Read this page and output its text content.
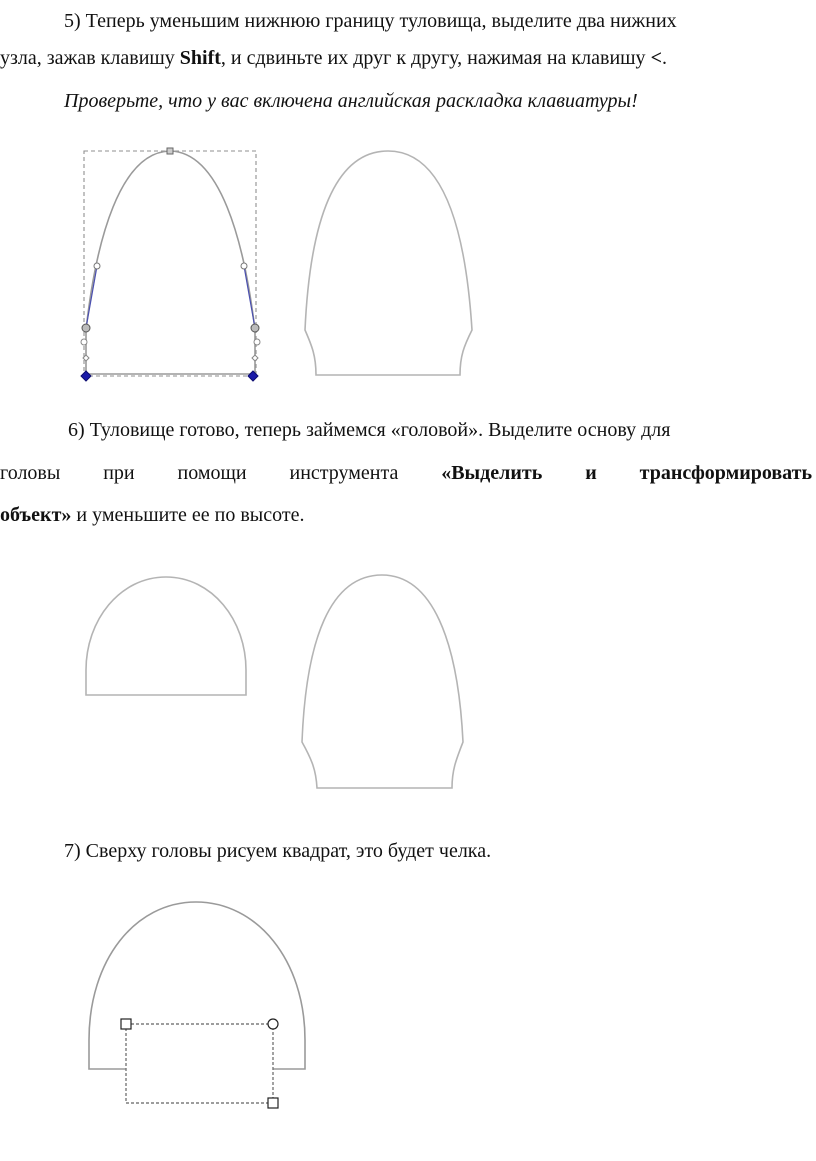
5) Теперь уменьшим нижнюю границу туловища, выделите два нижних
узла, зажав клавишу Shift, и сдвиньте их друг к другу, нажимая на клавишу <.
Проверьте, что у вас включена английская раскладка клавиатуры!
6) Туловище готово, теперь займемся «головой». Выделите основу для
головы при помощи инструмента «Выделить и трансформировать
объект» и уменьшите ее по высоте.
7) Сверху головы рисуем квадрат, это будет челка.
